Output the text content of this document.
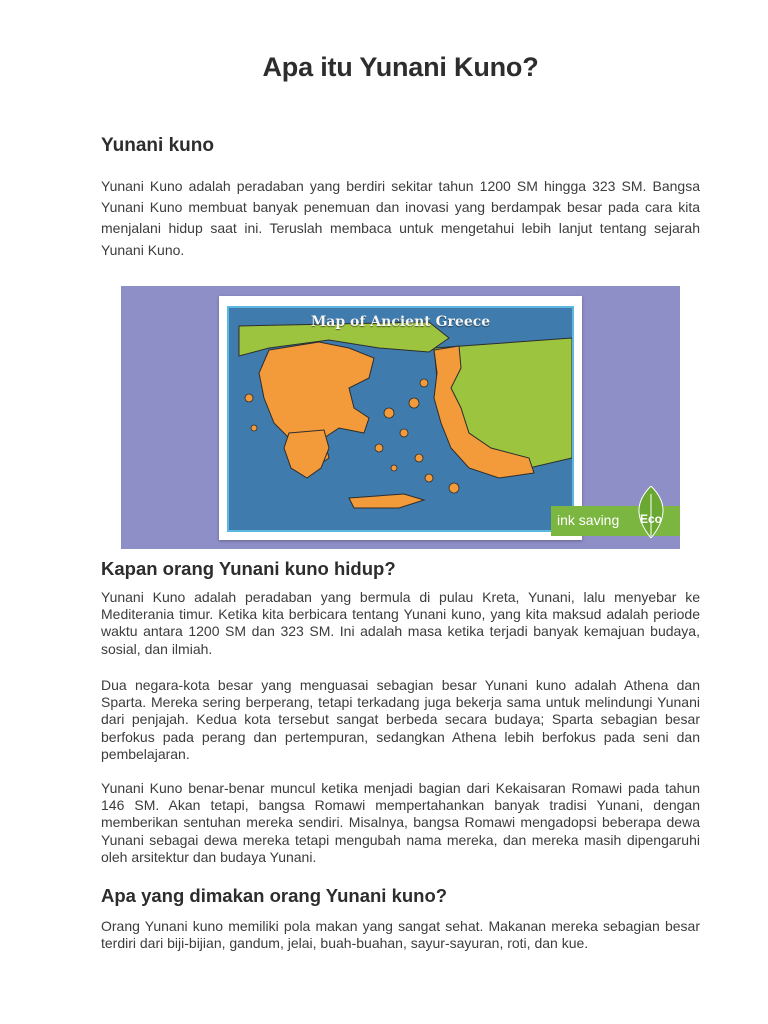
Apa itu Yunani Kuno?
Yunani kuno

Yunani Kuno adalah peradaban yang berdiri sekitar tahun 1200 SM hingga 323 SM. Bangsa Yunani Kuno membuat banyak penemuan dan inovasi yang berdampak besar pada cara kita menjalani hidup saat ini. Teruslah membaca untuk mengetahui lebih lanjut tentang sejarah Yunani Kuno.

Kapan orang Yunani kuno hidup?

Yunani Kuno adalah peradaban yang bermula di pulau Kreta, Yunani, lalu menyebar ke Mediterania timur. Ketika kita berbicara tentang Yunani kuno, yang kita maksud adalah periode waktu antara 1200 SM dan 323 SM. Ini adalah masa ketika terjadi banyak kemajuan budaya, sosial, dan ilmiah.

Dua negara-kota besar yang menguasai sebagian besar Yunani kuno adalah Athena dan Sparta. Mereka sering berperang, tetapi terkadang juga bekerja sama untuk melindungi Yunani dari penjajah. Kedua kota tersebut sangat berbeda secara budaya; Sparta sebagian besar berfokus pada perang dan pertempuran, sedangkan Athena lebih berfokus pada seni dan pembelajaran.

Yunani Kuno benar-benar muncul ketika menjadi bagian dari Kekaisaran Romawi pada tahun 146 SM. Akan tetapi, bangsa Romawi mempertahankan banyak tradisi Yunani, dengan memberikan sentuhan mereka sendiri. Misalnya, bangsa Romawi mengadopsi beberapa dewa Yunani sebagai dewa mereka tetapi mengubah nama mereka, dan mereka masih dipengaruhi oleh arsitektur dan budaya Yunani.

Apa yang dimakan orang Yunani kuno?

Orang Yunani kuno memiliki pola makan yang sangat sehat. Makanan mereka sebagian besar terdiri dari biji-bijian, gandum, jelai, buah-buahan, sayur-sayuran, roti, dan kue.

Map of Ancient Greece
ink saving	Eco
